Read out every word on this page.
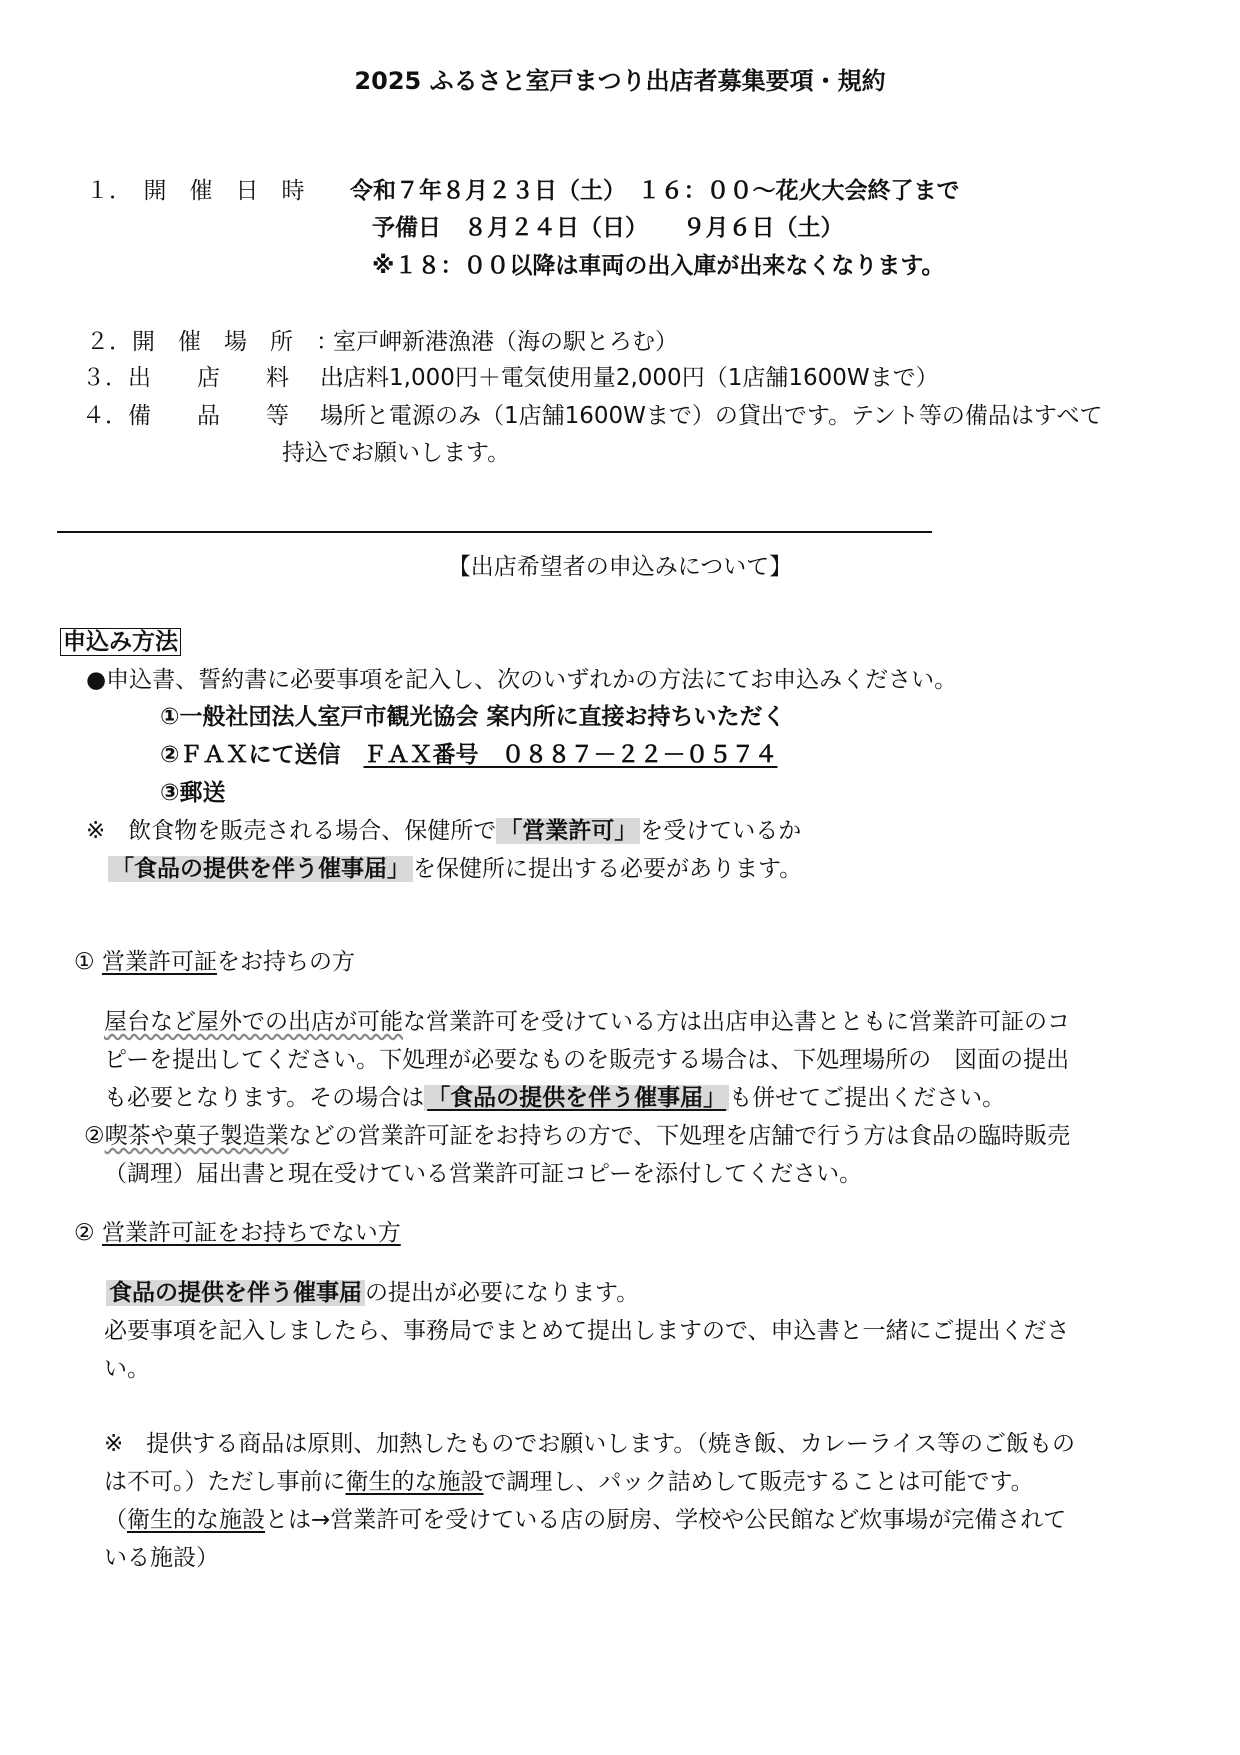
2025 ふるさと室戸まつり出店者募集要項・規約
１．　開　催　日　時　　：
令和７年８月２３日（土）　１６：００～花火大会終了まで
予備日　８月２４日（日）　　９月６日（土）
※１８：００以降は車両の出入庫が出来なくなります。
２．開　催　場　所　：
室戸岬新港漁港（海の駅とろむ）
３．出　　店　　料　　：
出店料1,000円＋電気使用量2,000円（1店舗1600Wまで）
４．備　　品　　等　　：
場所と電源のみ（1店舗1600Wまで）の貸出です。テント等の備品はすべて
持込でお願いします。
【出店希望者の申込みについて】
申込み方法
●申込書、誓約書に必要事項を記入し、次のいずれかの方法にてお申込みください。
①一般社団法人室戸市観光協会 案内所に直接お持ちいただく
②ＦＡＸにて送信　ＦＡＸ番号　０８８７－２２－０５７４
③郵送
※　飲食物を販売される場合、保健所で 「営業許可」 を受けているか
「食品の提供を伴う催事届」 を保健所に提出する必要があります。
① 営業許可証をお持ちの方
屋台など屋外での出店が可能な営業許可を受けている方は出店申込書とともに営業許可証のコ
ピーを提出してください。下処理が必要なものを販売する場合は、下処理場所の　図面の提出
も必要となります。その場合は 「食品の提供を伴う催事届」 も併せてご提出ください。
②喫茶や菓子製造業などの営業許可証をお持ちの方で、下処理を店舗で行う方は食品の臨時販売
（調理）届出書と現在受けている営業許可証コピーを添付してください。
② 営業許可証をお持ちでない方
食品の提供を伴う催事届 の提出が必要になります。
必要事項を記入しましたら、事務局でまとめて提出しますので、申込書と一緒にご提出くださ
い。
※　提供する商品は原則、加熱したものでお願いします。（焼き飯、カレーライス等のご飯もの
は不可。）ただし事前に衛生的な施設で調理し、パック詰めして販売することは可能です。
（衛生的な施設とは→営業許可を受けている店の厨房、学校や公民館など炊事場が完備されて
いる施設）
